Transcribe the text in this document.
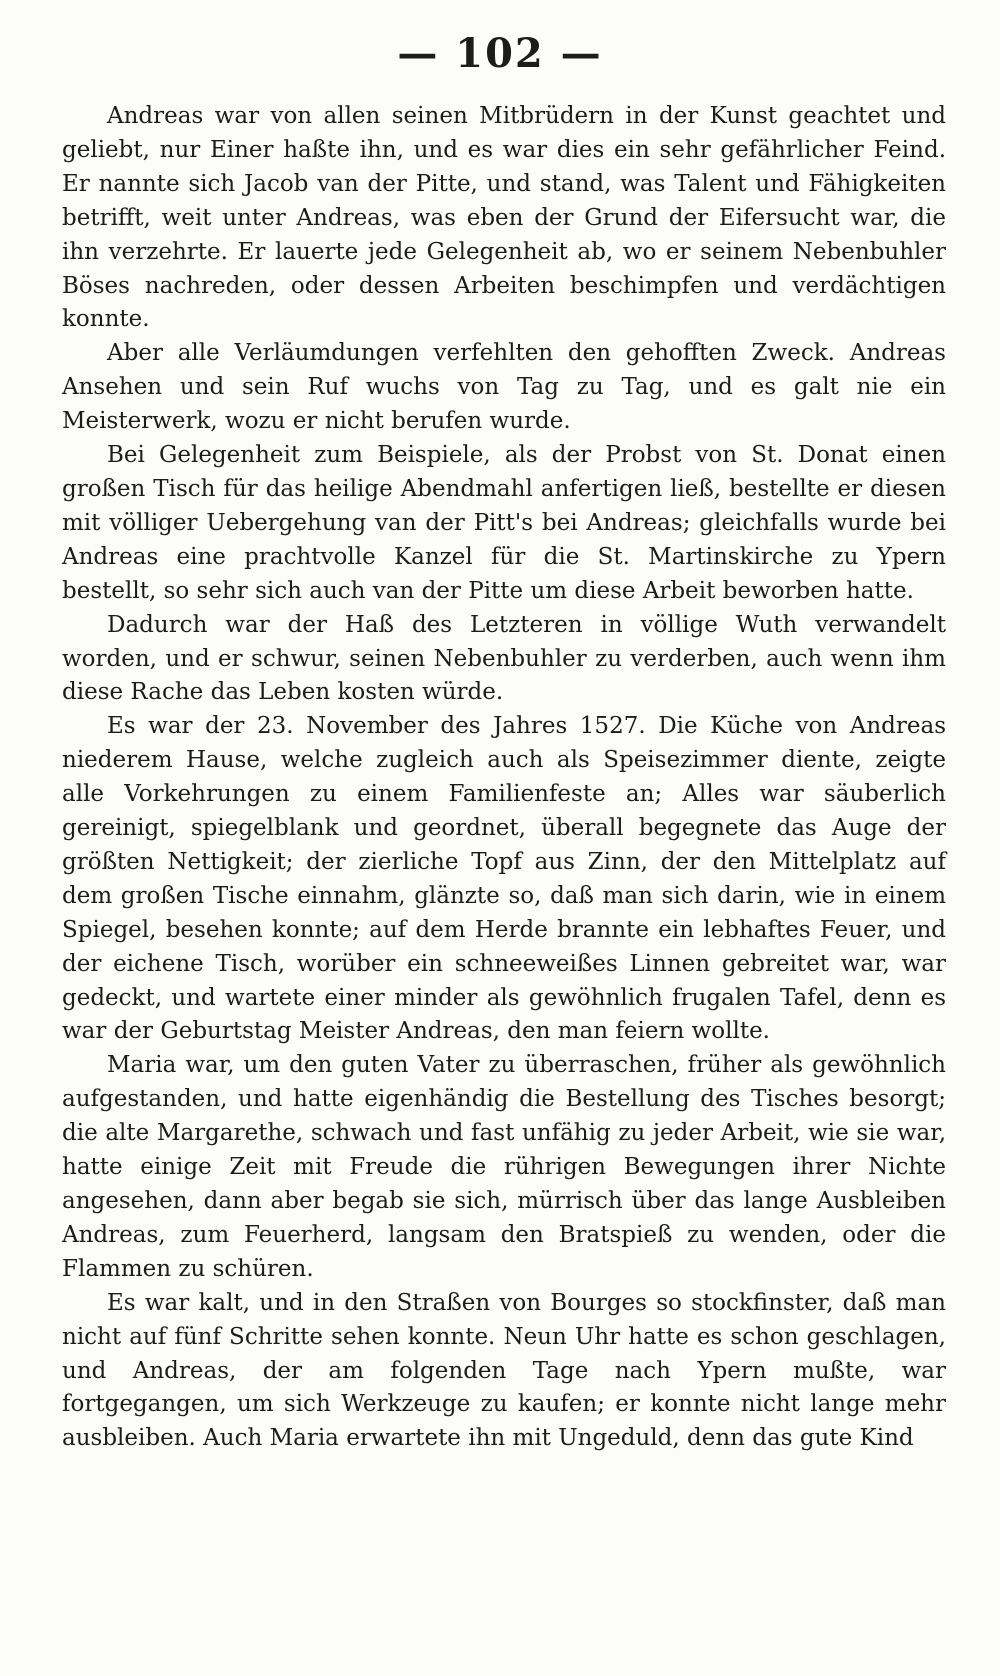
— 102 —

Andreas war von allen seinen Mitbrüdern in der Kunst geachtet und geliebt, nur Einer haßte ihn, und es war dies ein sehr gefährlicher Feind. Er nannte sich Jacob van der Pitte, und stand, was Talent und Fähigkeiten betrifft, weit unter Andreas, was eben der Grund der Eifersucht war, die ihn verzehrte. Er lauerte jede Gelegenheit ab, wo er seinem Nebenbuhler Böses nachreden, oder dessen Arbeiten beschimpfen und verdächtigen konnte.

Aber alle Verläumdungen verfehlten den gehofften Zweck. Andreas Ansehen und sein Ruf wuchs von Tag zu Tag, und es galt nie ein Meisterwerk, wozu er nicht berufen wurde.

Bei Gelegenheit zum Beispiele, als der Probst von St. Donat einen großen Tisch für das heilige Abendmahl anfertigen ließ, bestellte er diesen mit völliger Uebergehung van der Pitt's bei Andreas; gleichfalls wurde bei Andreas eine prachtvolle Kanzel für die St. Martinskirche zu Ypern bestellt, so sehr sich auch van der Pitte um diese Arbeit beworben hatte.

Dadurch war der Haß des Letzteren in völlige Wuth verwandelt worden, und er schwur, seinen Nebenbuhler zu verderben, auch wenn ihm diese Rache das Leben kosten würde.

Es war der 23. November des Jahres 1527. Die Küche von Andreas niederem Hause, welche zugleich auch als Speisezimmer diente, zeigte alle Vorkehrungen zu einem Familienfeste an; Alles war säuberlich gereinigt, spiegelblank und geordnet, überall begegnete das Auge der größten Nettigkeit; der zierliche Topf aus Zinn, der den Mittelplatz auf dem großen Tische einnahm, glänzte so, daß man sich darin, wie in einem Spiegel, besehen konnte; auf dem Herde brannte ein lebhaftes Feuer, und der eichene Tisch, worüber ein schneeweißes Linnen gebreitet war, war gedeckt, und wartete einer minder als gewöhnlich frugalen Tafel, denn es war der Geburtstag Meister Andreas, den man feiern wollte.

Maria war, um den guten Vater zu überraschen, früher als gewöhnlich aufgestanden, und hatte eigenhändig die Bestellung des Tisches besorgt; die alte Margarethe, schwach und fast unfähig zu jeder Arbeit, wie sie war, hatte einige Zeit mit Freude die rührigen Bewegungen ihrer Nichte angesehen, dann aber begab sie sich, mürrisch über das lange Ausbleiben Andreas, zum Feuerherd, langsam den Bratspieß zu wenden, oder die Flammen zu schüren.

Es war kalt, und in den Straßen von Bourges so stockfinster, daß man nicht auf fünf Schritte sehen konnte. Neun Uhr hatte es schon geschlagen, und Andreas, der am folgenden Tage nach Ypern mußte, war fortgegangen, um sich Werkzeuge zu kaufen; er konnte nicht lange mehr ausbleiben. Auch Maria erwartete ihn mit Ungeduld, denn das gute Kind
